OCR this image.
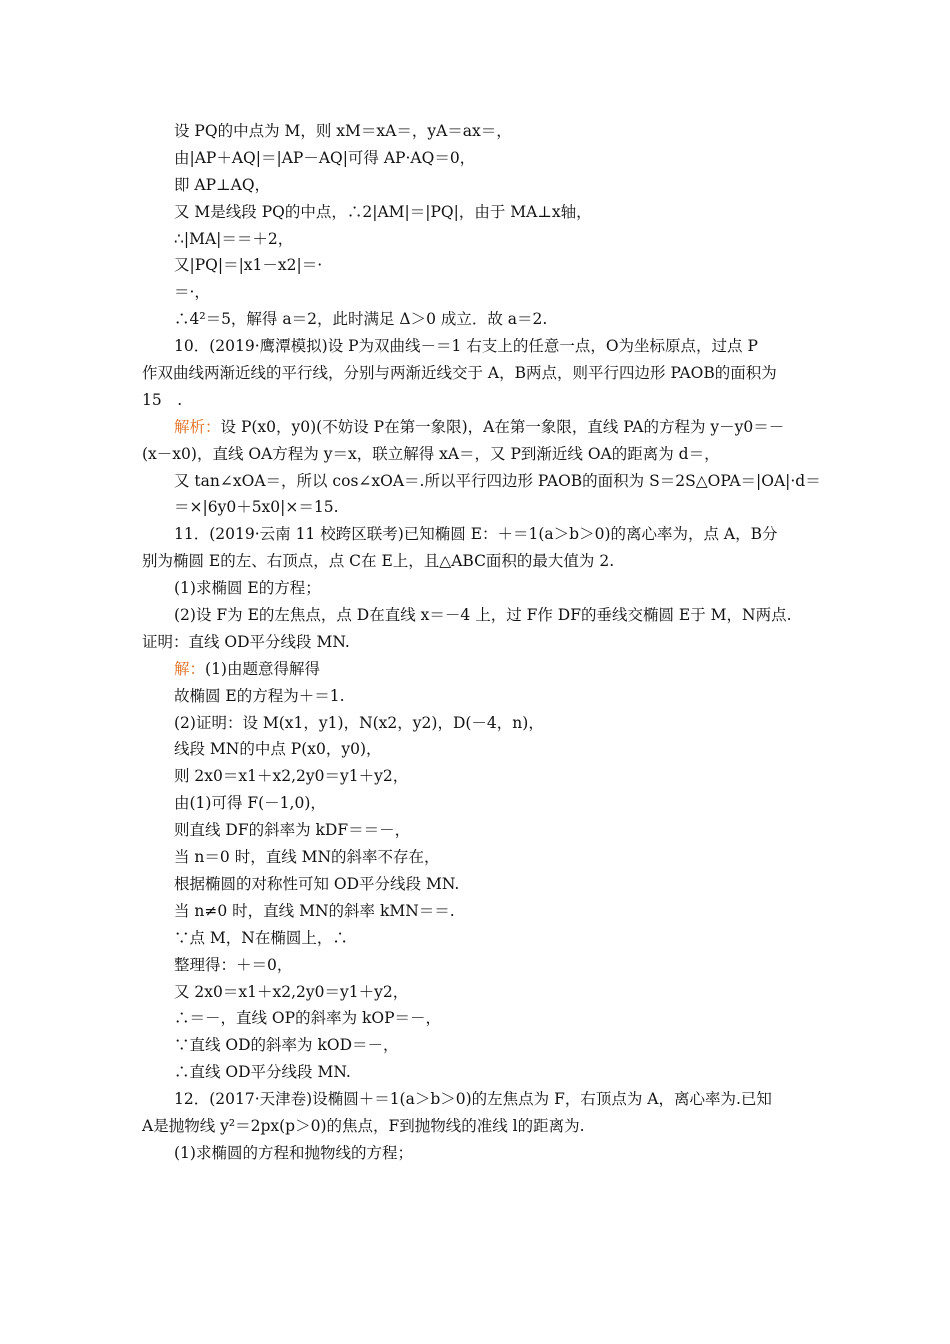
设 PQ的中点为 M，则 xM＝xA＝，yA＝ax＝，
由|AP＋AQ|＝|AP－AQ|可得 AP·AQ＝0，
即 AP⊥AQ，
又 M是线段 PQ的中点，∴2|AM|＝|PQ|，由于 MA⊥x轴，
∴|MA|＝＝＋2，
又|PQ|＝|x1－x2|＝·
＝·，
∴4²＝5，解得 a＝2，此时满足 Δ＞0 成立．故 a＝2.
10．(2019·鹰潭模拟)设 P为双曲线－＝1 右支上的任意一点，O为坐标原点，过点 P
作双曲线两渐近线的平行线，分别与两渐近线交于 A，B两点，则平行四边形 PAOB的面积为
15　.
解析：设 P(x0，y0)(不妨设 P在第一象限)，A在第一象限，直线 PA的方程为 y－y0＝－
(x－x0)，直线 OA方程为 y＝x，联立解得 xA＝，又 P到渐近线 OA的距离为 d＝，
又 tan∠xOA＝，所以 cos∠xOA＝.所以平行四边形 PAOB的面积为 S＝2S△OPA＝|OA|·d＝
＝×|6y0＋5x0|×＝15.
11．(2019·云南 11 校跨区联考)已知椭圆 E：＋＝1(a＞b＞0)的离心率为，点 A，B分
别为椭圆 E的左、右顶点，点 C在 E上，且△ABC面积的最大值为 2.
(1)求椭圆 E的方程；
(2)设 F为 E的左焦点，点 D在直线 x＝－4 上，过 F作 DF的垂线交椭圆 E于 M，N两点.
证明：直线 OD平分线段 MN.
解：(1)由题意得解得
故椭圆 E的方程为＋＝1.
(2)证明：设 M(x1，y1)，N(x2，y2)，D(－4，n)，
线段 MN的中点 P(x0，y0)，
则 2x0＝x1＋x2,2y0＝y1＋y2，
由(1)可得 F(－1,0)，
则直线 DF的斜率为 kDF＝＝－，
当 n＝0 时，直线 MN的斜率不存在，
根据椭圆的对称性可知 OD平分线段 MN.
当 n≠0 时，直线 MN的斜率 kMN＝＝.
∵点 M，N在椭圆上，∴
整理得：＋＝0，
又 2x0＝x1＋x2,2y0＝y1＋y2，
∴＝－，直线 OP的斜率为 kOP＝－，
∵直线 OD的斜率为 kOD＝－，
∴直线 OD平分线段 MN.
12．(2017·天津卷)设椭圆＋＝1(a＞b＞0)的左焦点为 F，右顶点为 A，离心率为.已知
A是抛物线 y²＝2px(p＞0)的焦点，F到抛物线的准线 l的距离为.
(1)求椭圆的方程和抛物线的方程；
